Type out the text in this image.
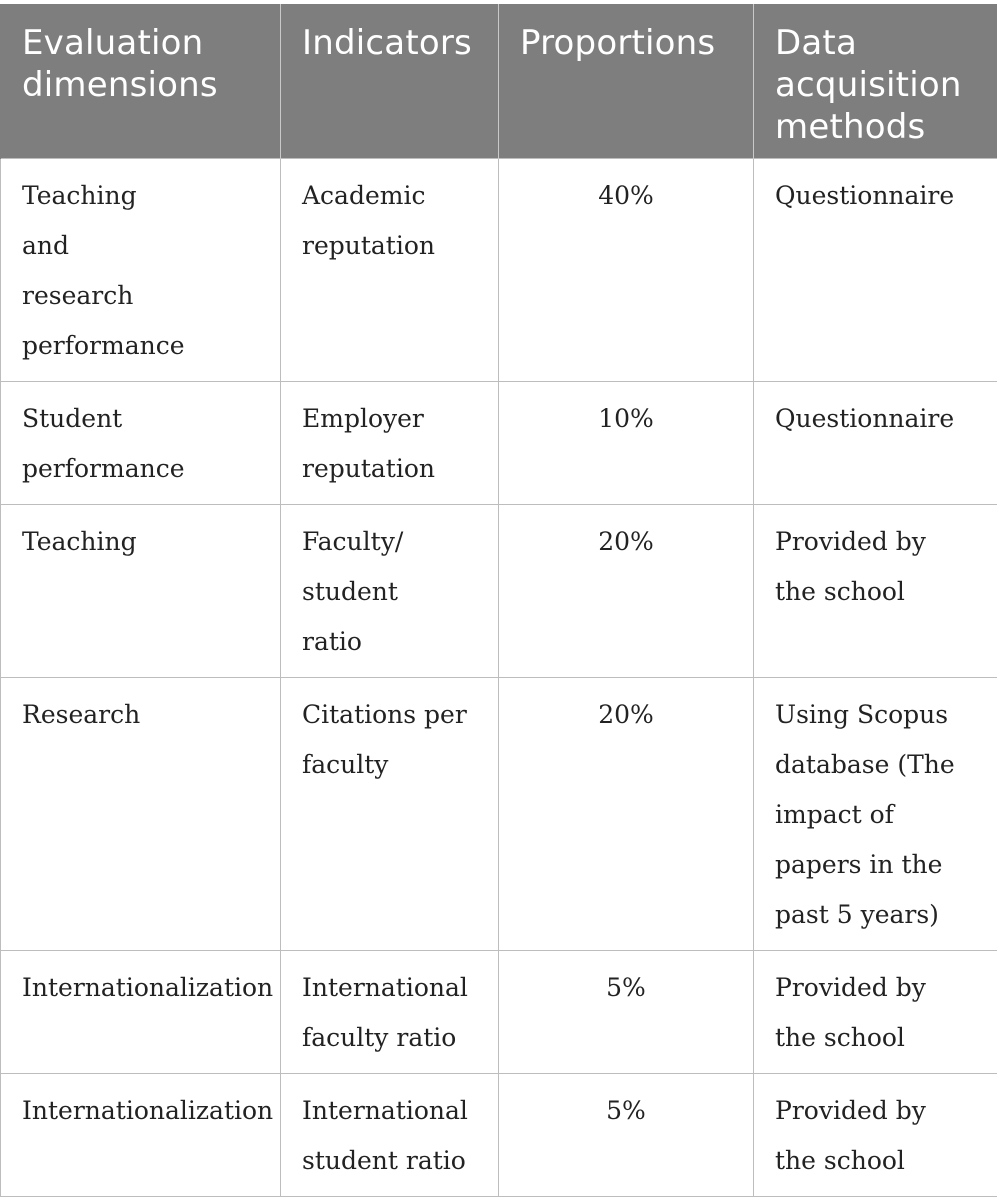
Evaluation dimensions	Indicators	Proportions	Data acquisition methods

Teaching and research performance	Academic reputation	40%	Questionnaire

Student performance	Employer reputation	10%	Questionnaire

Teaching	Faculty/ student ratio	20%	Provided by the school

Research	Citations per faculty	20%	Using Scopus database (The impact of papers in the past 5 years)

Internationalization	International faculty ratio	5%	Provided by the school

Internationalization	International student ratio	5%	Provided by the school
